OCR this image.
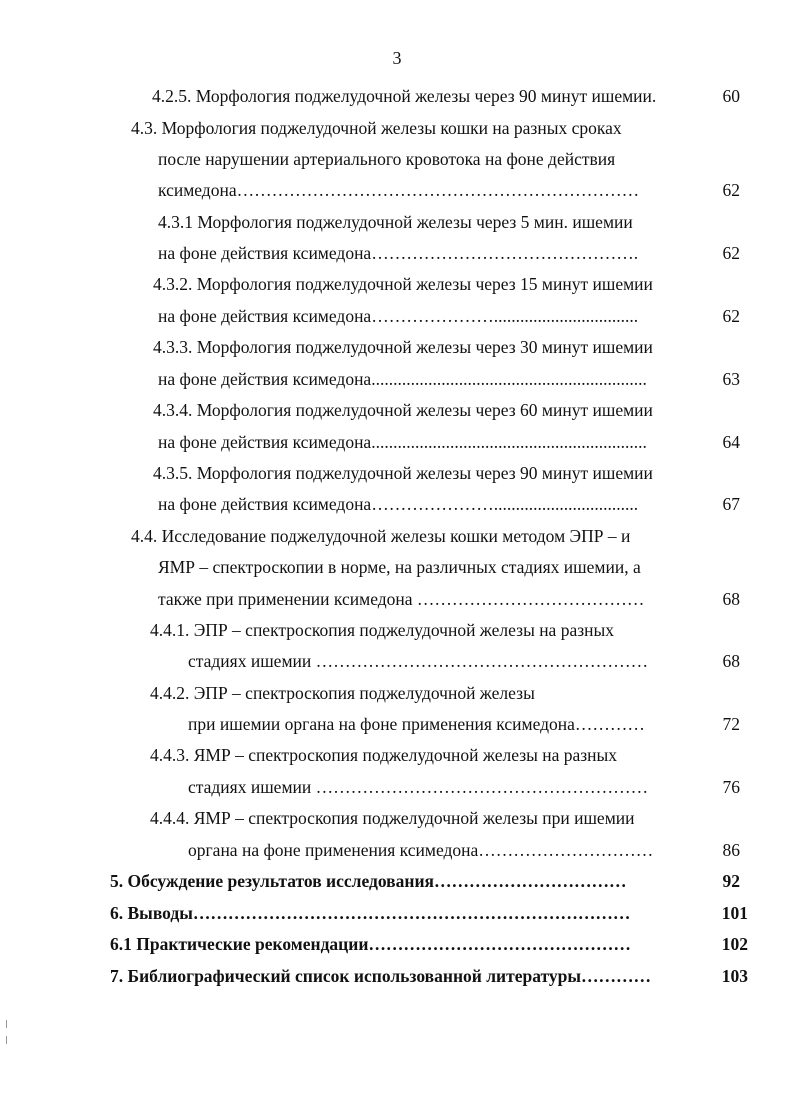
3
4.2.5. Морфология поджелудочной железы через 90 минут ишемии.	60
4.3. Морфология поджелудочной железы кошки на разных сроках
после нарушении артериального кровотока на фоне действия
ксимедона……………………………………………………………	62
4.3.1 Морфология поджелудочной железы через 5 мин. ишемии
на фоне действия ксимедона……………………………………….	62
4.3.2. Морфология поджелудочной железы через 15 минут ишемии
на фоне действия ксимедона………………….................................	62
4.3.3. Морфология поджелудочной железы через 30 минут ишемии
на фоне действия ксимедона...............................................................	63
4.3.4. Морфология поджелудочной железы через 60 минут ишемии
на фоне действия ксимедона...............................................................	64
4.3.5. Морфология поджелудочной железы через 90 минут ишемии
на фоне действия ксимедона………………….................................	67
4.4. Исследование поджелудочной железы кошки методом ЭПР – и
ЯМР – спектроскопии в норме, на различных стадиях ишемии, а
также при применении ксимедона …………………………………	68
4.4.1. ЭПР – спектроскопия поджелудочной железы на разных
стадиях ишемии …………………………………………………	68
4.4.2. ЭПР – спектроскопия поджелудочной железы
при ишемии органа на фоне применения ксимедона…………	72
4.4.3. ЯМР – спектроскопия поджелудочной железы на разных
стадиях ишемии …………………………………………………	76
4.4.4. ЯМР – спектроскопия поджелудочной железы при ишемии
органа на фоне применения ксимедона…………………………	86
5. Обсуждение результатов исследования……………………………	92
6. Выводы…………………………………………………………………	101
6.1 Практические рекомендации………………………………………	102
7. Библиографический список использованной литературы…………	103
